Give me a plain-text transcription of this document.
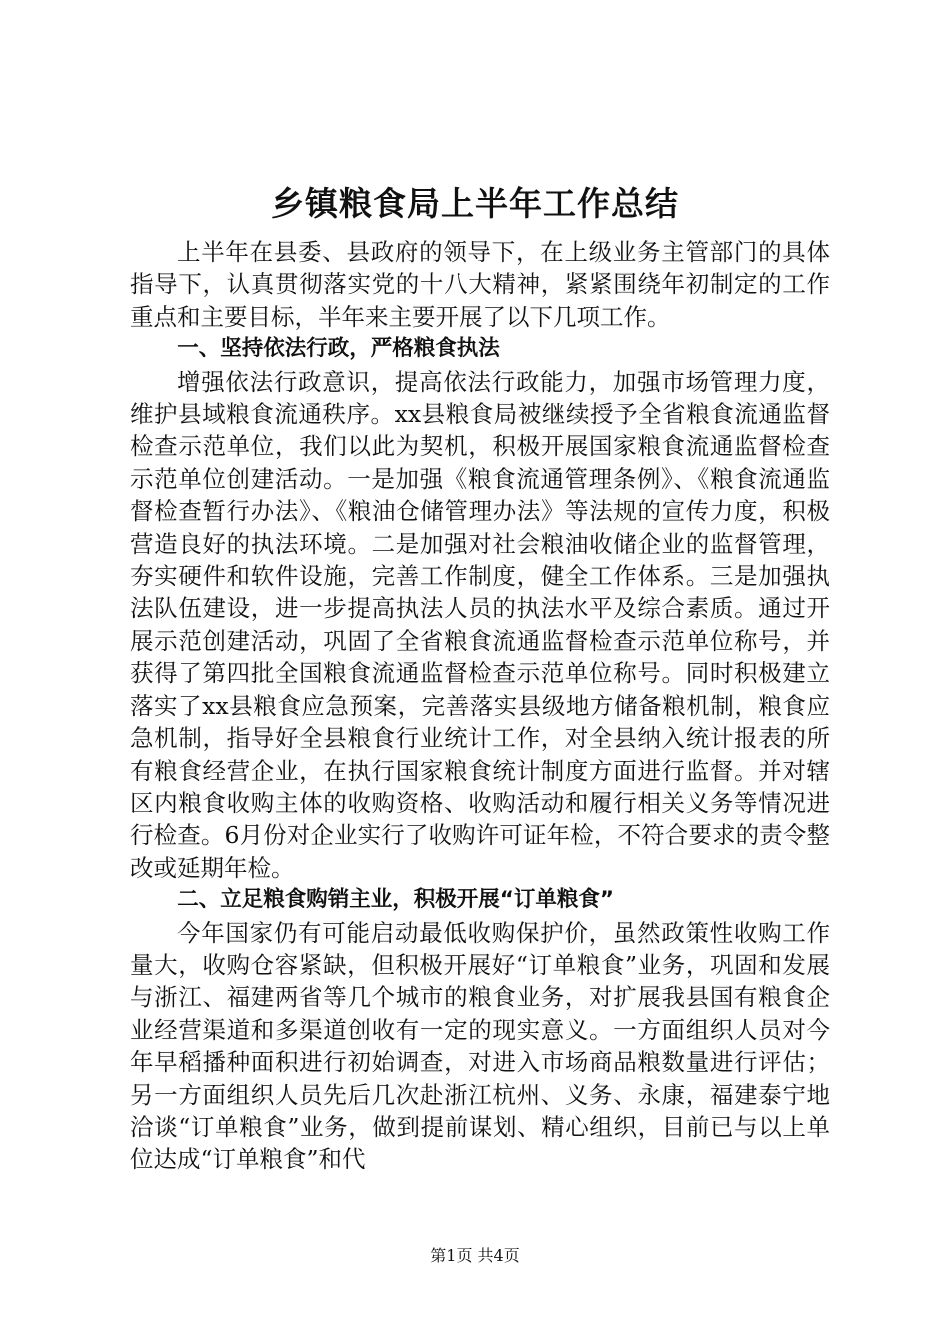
乡镇粮食局上半年工作总结

上半年在县委、县政府的领导下，在上级业务主管部门的具体指导下，认真贯彻落实党的十八大精神，紧紧围绕年初制定的工作重点和主要目标，半年来主要开展了以下几项工作。

一、坚持依法行政，严格粮食执法

增强依法行政意识，提高依法行政能力，加强市场管理力度，维护县域粮食流通秩序。xx县粮食局被继续授予全省粮食流通监督检查示范单位，我们以此为契机，积极开展国家粮食流通监督检查示范单位创建活动。一是加强《粮食流通管理条例》、《粮食流通监督检查暂行办法》、《粮油仓储管理办法》等法规的宣传力度，积极营造良好的执法环境。二是加强对社会粮油收储企业的监督管理，夯实硬件和软件设施，完善工作制度，健全工作体系。三是加强执法队伍建设，进一步提高执法人员的执法水平及综合素质。通过开展示范创建活动，巩固了全省粮食流通监督检查示范单位称号，并获得了第四批全国粮食流通监督检查示范单位称号。同时积极建立落实了xx县粮食应急预案，完善落实县级地方储备粮机制，粮食应急机制，指导好全县粮食行业统计工作，对全县纳入统计报表的所有粮食经营企业，在执行国家粮食统计制度方面进行监督。并对辖区内粮食收购主体的收购资格、收购活动和履行相关义务等情况进行检查。6月份对企业实行了收购许可证年检，不符合要求的责令整改或延期年检。

二、立足粮食购销主业，积极开展“订单粮食”

今年国家仍有可能启动最低收购保护价，虽然政策性收购工作量大，收购仓容紧缺，但积极开展好“订单粮食”业务，巩固和发展与浙江、福建两省等几个城市的粮食业务，对扩展我县国有粮食企业经营渠道和多渠道创收有一定的现实意义。一方面组织人员对今年早稻播种面积进行初始调查，对进入市场商品粮数量进行评估；另一方面组织人员先后几次赴浙江杭州、义务、永康，福建泰宁地洽谈“订单粮食”业务，做到提前谋划、精心组织，目前已与以上单位达成“订单粮食”和代

第1页 共4页
